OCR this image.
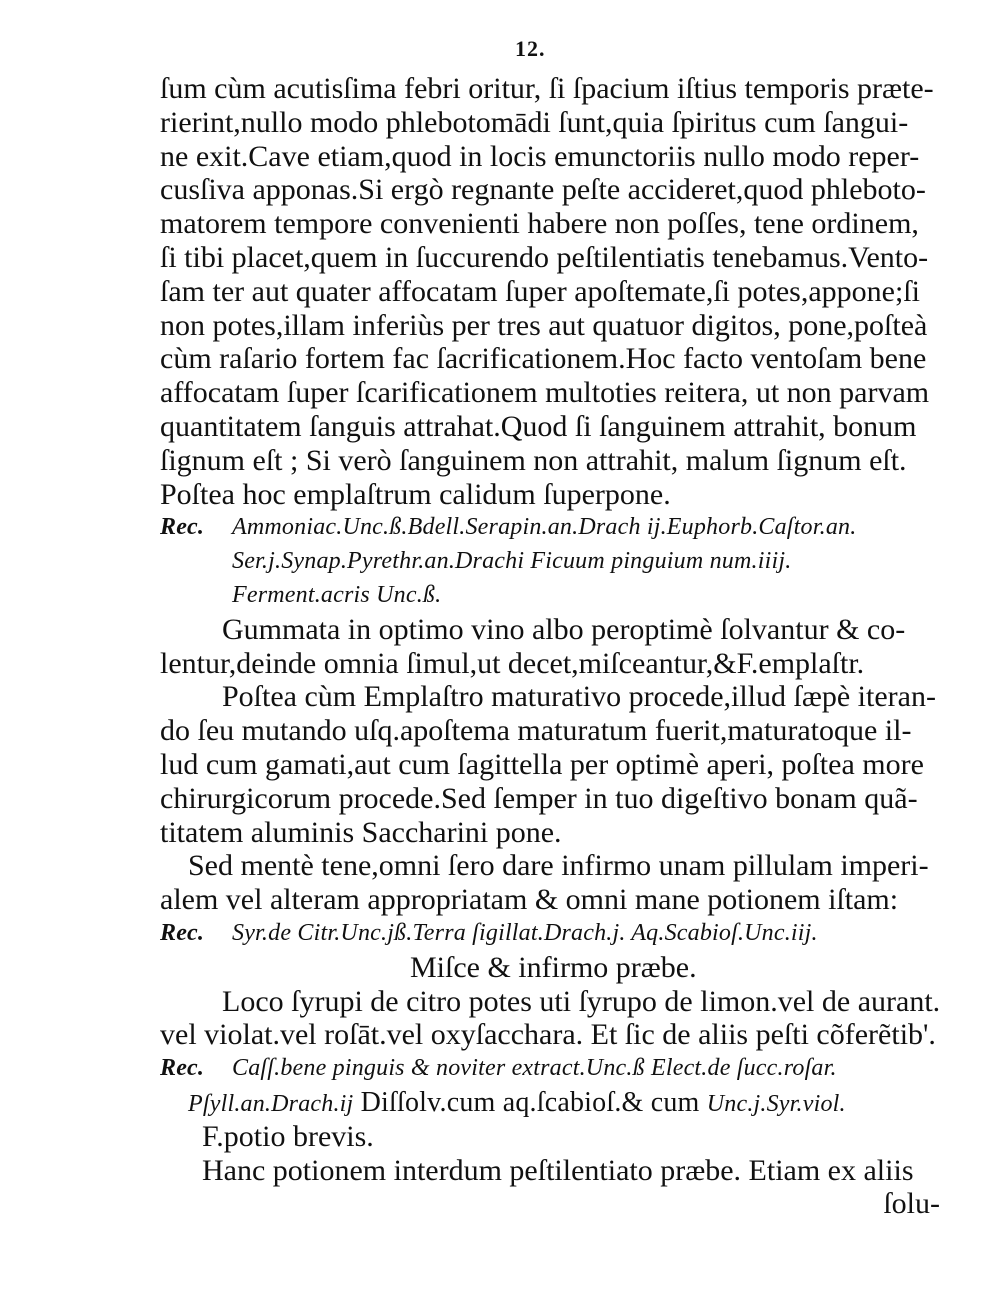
12.
ſum cùm acutisſima febri oritur, ſi ſpacium iſtius temporis præte-
rierint,nullo modo phlebotomādi ſunt,quia ſpiritus cum ſangui-
ne exit.Cave etiam,quod in locis emunctoriis nullo modo reper-
cusſiva apponas.Si ergò regnante peſte accideret,quod phlebotο-
matorem tempore convenienti habere non poſſes, tene ordinem,
ſi tibi placet,quem in ſuccurendo peſtilentiatis tenebamus.Vento-
ſam ter aut quater affocatam ſuper apoſtemate,ſi potes,appone;ſi
non potes,illam inferiùs per tres aut quatuor digitos, pone,poſteà
cùm raſario fortem fac ſacrificationem.Hoc facto ventoſam bene
affocatam ſuper ſcarificationem multoties reitera, ut non parvam
quantitatem ſanguis attrahat.Quod ſi ſanguinem attrahit, bonum
ſignum eſt ; Si verò ſanguinem non attrahit, malum ſignum eſt.
Poſtea hoc emplaſtrum calidum ſuperpone.
Rec. Ammoniac.Unc.ß.Bdell.Serapin.an.Drach ij.Euphorb.Caſtor.an.
Ser.j.Synap.Pyrethr.an.Drachi Ficuum pinguium num.iiij.
Ferment.acris Unc.ß.
Gummata in optimo vino albo peroptimè ſolvantur & co-
lentur,deinde omnia ſimul,ut decet,miſceantur,&F.emplaſtr.
Poſtea cùm Emplaſtro maturativo procede,illud ſæpè iteran-
do ſeu mutando uſq.apoſtema maturatum fuerit,maturatoque il-
lud cum gamati,aut cum ſagittella per optimè aperi, poſtea more
chirurgicorum procede.Sed ſemper in tuo digeſtivo bonam quã-
titatem aluminis Saccharini pone.
Sed mentè tene,omni ſero dare infirmo unam pillulam imperi-
alem vel alteram appropriatam & omni mane potionem iſtam:
Rec. Syr.de Citr.Unc.jß.Terra ſigillat.Drach.j. Aq.Scabioſ.Unc.iij.
Miſce & infirmo præbe.
Loco ſyrupi de citro potes uti ſyrupo de limon.vel de aurant.
vel violat.vel roſāt.vel oxyſacchara. Et ſic de aliis peſti cõferẽtib'.
Rec. Caſſ.bene pinguis & noviter extract.Unc.ß Elect.de ſucc.roſar.
Pſyll.an.Drach.ij Diſſolv.cum aq.ſcabioſ.& cum Unc.j.Syr.viol.
F.potio brevis.
Hanc potionem interdum peſtilentiato præbe. Etiam ex aliis
ſolu-
